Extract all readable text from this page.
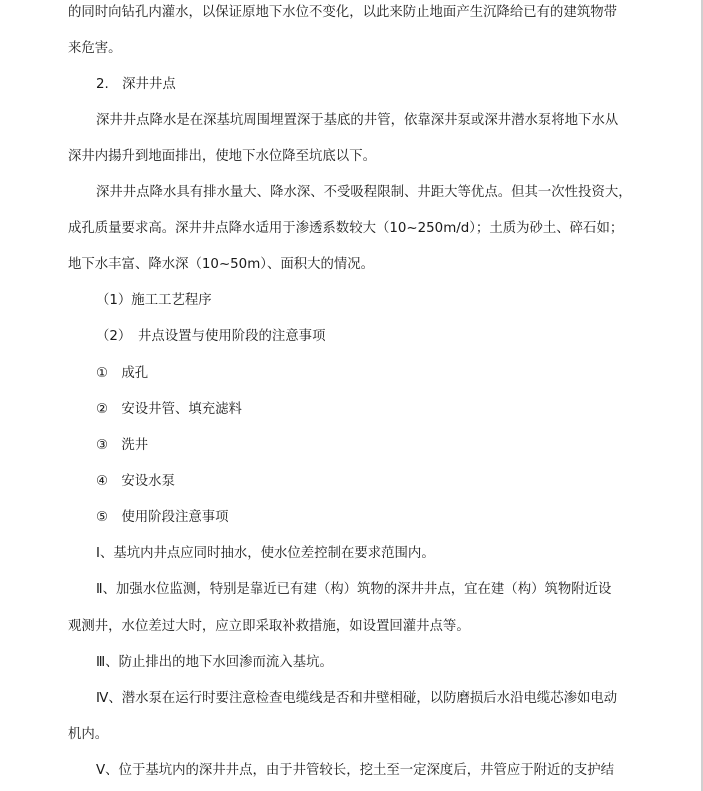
的同时向钻孔内灌水，以保证原地下水位不变化，以此来防止地面产生沉降给已有的建筑物带
来危害。
2.　深井井点
深井井点降水是在深基坑周围埋置深于基底的井管，依靠深井泵或深井潜水泵将地下水从
深井内揚升到地面排出，使地下水位降至坑底以下。
深井井点降水具有排水量大、降水深、不受吸程限制、井距大等优点。但其一次性投资大，
成孔质量要求高。深井井点降水适用于渗透系数较大（10~250m/d）；土质为砂土、碎石如；
地下水丰富、降水深（10~50m）、面积大的情况。
（1）施工工艺程序
（2）　井点设置与使用阶段的注意事项
①　成孔
②　安设井管、填充滤料
③　洗井
④　安设水泵
⑤　使用阶段注意事项
Ⅰ、基坑内井点应同时抽水，使水位差控制在要求范围内。
Ⅱ、加强水位监测，特别是靠近已有建（构）筑物的深井井点，宜在建（构）筑物附近设
观测井，水位差过大时，应立即采取补救措施，如设置回灌井点等。
Ⅲ、防止排出的地下水回渗而流入基坑。
Ⅳ、潜水泵在运行时要注意检查电缆线是否和井壁相碰，以防磨损后水沿电缆芯渗如电动
机内。
Ⅴ、位于基坑内的深井井点，由于井管较长，挖土至一定深度后，井管应于附近的支护结
